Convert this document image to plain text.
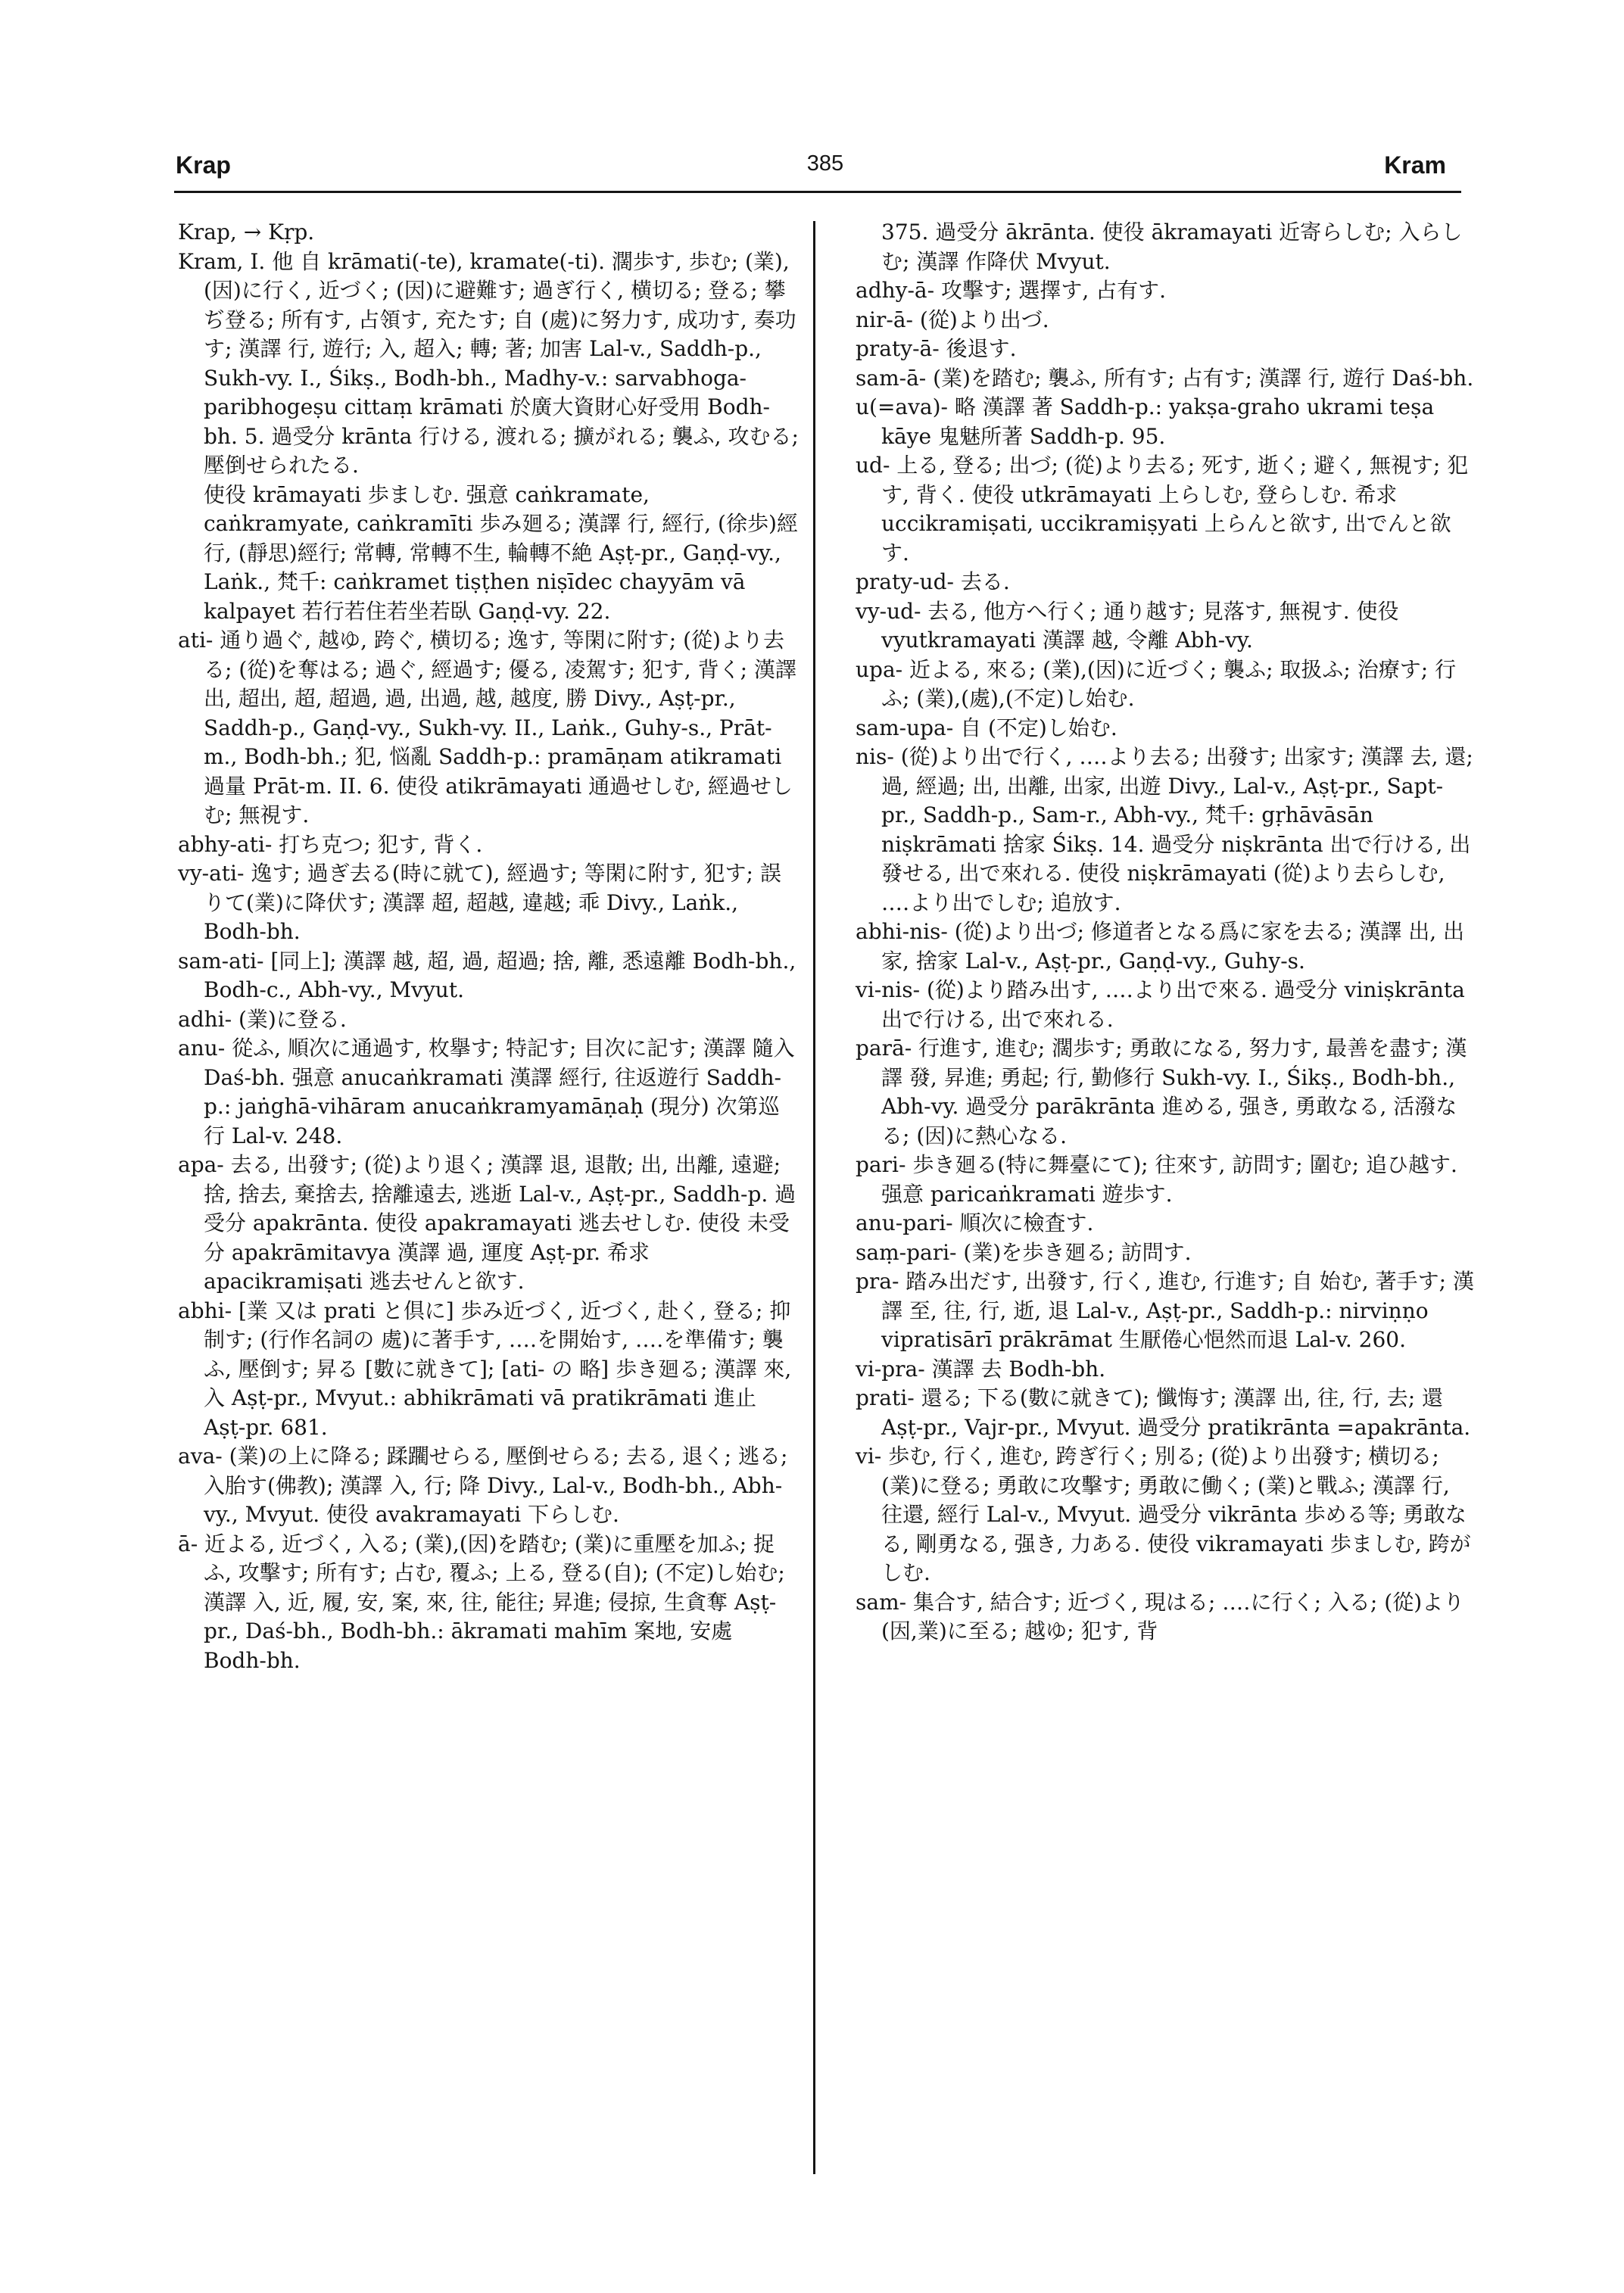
Krap	385	Kram

Krap, → Kṛp.

Kram, I. 他 自 krāmati(-te), kramate(-ti). 濶歩す, 歩む; (業),(因)に行く, 近づく; (因)に避難す; 過ぎ行く, 横切る; 登る; 攀ぢ登る; 所有す, 占領す, 充たす; 自 (處)に努力す, 成功す, 奏功す; 漢譯 行, 遊行; 入, 超入; 轉; 著; 加害 Lal-v., Saddh-p., Sukh-vy. I., Śikṣ., Bodh-bh., Madhy-v.: sarvabhoga-paribhogeṣu cittaṃ krāmati 於廣大資財心好受用 Bodh-bh. 5. 過受分 krānta 行ける, 渡れる; 擴がれる; 襲ふ, 攻むる; 壓倒せられたる.

使役 krāmayati 歩ましむ. 强意 caṅkramate, caṅkramyate, caṅkramīti 歩み廻る; 漢譯 行, 經行, (徐歩)經行, (靜思)經行; 常轉, 常轉不生, 輪轉不絶 Aṣṭ-pr., Gaṇḍ-vy., Laṅk., 梵千: caṅkramet tiṣṭhen niṣīdec chayyām vā kalpayet 若行若住若坐若臥 Gaṇḍ-vy. 22.

ati- 通り過ぐ, 越ゆ, 跨ぐ, 横切る; 逸す, 等閑に附す; (從)より去る; (從)を奪はる; 過ぐ, 經過す; 優る, 凌駕す; 犯す, 背く; 漢譯 出, 超出, 超, 超過, 過, 出過, 越, 越度, 勝 Divy., Aṣṭ-pr., Saddh-p., Gaṇḍ-vy., Sukh-vy. II., Laṅk., Guhy-s., Prāt-m., Bodh-bh.; 犯, 悩亂 Saddh-p.: pramāṇam atikramati 過量 Prāt-m. II. 6. 使役 atikrāmayati 通過せしむ, 經過せしむ; 無視す.

abhy-ati- 打ち克つ; 犯す, 背く.

vy-ati- 逸す; 過ぎ去る(時に就て), 經過す; 等閑に附す, 犯す; 誤りて(業)に降伏す; 漢譯 超, 超越, 違越; 乖 Divy., Laṅk., Bodh-bh.

sam-ati- [同上]; 漢譯 越, 超, 過, 超過; 捨, 離, 悉遠離 Bodh-bh., Bodh-c., Abh-vy., Mvyut.

adhi- (業)に登る.

anu- 從ふ, 順次に通過す, 枚擧す; 特記す; 目次に記す; 漢譯 隨入 Daś-bh. 强意 anucaṅkramati 漢譯 經行, 往返遊行 Saddh-p.: jaṅghā-vihāram anucaṅkramyamāṇaḥ (現分) 次第巡行 Lal-v. 248.

apa- 去る, 出發す; (從)より退く; 漢譯 退, 退散; 出, 出離, 遠避; 捨, 捨去, 棄捨去, 捨離遠去, 逃逝 Lal-v., Aṣṭ-pr., Saddh-p. 過受分 apakrānta. 使役 apakramayati 逃去せしむ. 使役 未受分 apakrāmitavya 漢譯 過, 運度 Aṣṭ-pr. 希求 apacikramiṣati 逃去せんと欲す.

abhi- [業 又は prati と倶に] 歩み近づく, 近づく, 赴く, 登る; 抑制す; (行作名詞の 處)に著手す, ‥‥を開始す, ‥‥を準備す; 襲ふ, 壓倒す; 昇る [數に就きて]; [ati- の 略] 歩き廻る; 漢譯 來, 入 Aṣṭ-pr., Mvyut.: abhikrāmati vā pratikrāmati 進止 Aṣṭ-pr. 681.

ava- (業)の上に降る; 蹂躙せらる, 壓倒せらる; 去る, 退く; 逃る; 入胎す(佛教); 漢譯 入, 行; 降 Divy., Lal-v., Bodh-bh., Abh-vy., Mvyut. 使役 avakramayati 下らしむ.

ā- 近よる, 近づく, 入る; (業),(因)を踏む; (業)に重壓を加ふ; 捉ふ, 攻擊す; 所有す; 占む, 覆ふ; 上る, 登る(自); (不定)し始む; 漢譯 入, 近, 履, 安, 案, 來, 往, 能往; 昇進; 侵掠, 生貪奪 Aṣṭ-pr., Daś-bh., Bodh-bh.: ākramati mahīm 案地, 安處 Bodh-bh.

375. 過受分 ākrānta. 使役 ākramayati 近寄らしむ; 入らしむ; 漢譯 作降伏 Mvyut.

adhy-ā- 攻擊す; 選擇す, 占有す.

nir-ā- (從)より出づ.

praty-ā- 後退す.

sam-ā- (業)を踏む; 襲ふ, 所有す; 占有す; 漢譯 行, 遊行 Daś-bh.

u(=ava)- 略 漢譯 著 Saddh-p.: yakṣa-graho ukrami teṣa kāye 鬼魅所著 Saddh-p. 95.

ud- 上る, 登る; 出づ; (從)より去る; 死す, 逝く; 避く, 無視す; 犯す, 背く. 使役 utkrāmayati 上らしむ, 登らしむ. 希求 uccikramiṣati, uccikramiṣyati 上らんと欲す, 出でんと欲す.

praty-ud- 去る.

vy-ud- 去る, 他方へ行く; 通り越す; 見落す, 無視す. 使役 vyutkramayati 漢譯 越, 令離 Abh-vy.

upa- 近よる, 來る; (業),(因)に近づく; 襲ふ; 取扱ふ; 治療す; 行ふ; (業),(處),(不定)し始む.

sam-upa- 自 (不定)し始む.

nis- (從)より出で行く, ‥‥より去る; 出發す; 出家す; 漢譯 去, 還; 過, 經過; 出, 出離, 出家, 出遊 Divy., Lal-v., Aṣṭ-pr., Sapt-pr., Saddh-p., Sam-r., Abh-vy., 梵千: gṛhāvāsān niṣkrāmati 捨家 Śikṣ. 14. 過受分 niṣkrānta 出で行ける, 出發せる, 出で來れる. 使役 niṣkrāmayati (從)より去らしむ, ‥‥より出でしむ; 追放す.

abhi-nis- (從)より出づ; 修道者となる爲に家を去る; 漢譯 出, 出家, 捨家 Lal-v., Aṣṭ-pr., Gaṇḍ-vy., Guhy-s.

vi-nis- (從)より踏み出す, ‥‥より出で來る. 過受分 viniṣkrānta 出で行ける, 出で來れる.

parā- 行進す, 進む; 濶歩す; 勇敢になる, 努力す, 最善を盡す; 漢譯 發, 昇進; 勇起; 行, 勤修行 Sukh-vy. I., Śikṣ., Bodh-bh., Abh-vy. 過受分 parākrānta 進める, 强き, 勇敢なる, 活潑なる; (因)に熱心なる.

pari- 歩き廻る(特に舞臺にて); 往來す, 訪問す; 圍む; 追ひ越す. 强意 paricaṅkramati 遊歩す.

anu-pari- 順次に檢査す.

saṃ-pari- (業)を歩き廻る; 訪問す.

pra- 踏み出だす, 出發す, 行く, 進む, 行進す; 自 始む, 著手す; 漢譯 至, 往, 行, 逝, 退 Lal-v., Aṣṭ-pr., Saddh-p.: nirviṇṇo vipratisārī prākrāmat 生厭倦心悒然而退 Lal-v. 260.

vi-pra- 漢譯 去 Bodh-bh.

prati- 還る; 下る(數に就きて); 懺悔す; 漢譯 出, 往, 行, 去; 還 Aṣṭ-pr., Vajr-pr., Mvyut. 過受分 pratikrānta =apakrānta.

vi- 歩む, 行く, 進む, 跨ぎ行く; 別る; (從)より出發す; 横切る; (業)に登る; 勇敢に攻擊す; 勇敢に働く; (業)と戰ふ; 漢譯 行, 往還, 經行 Lal-v., Mvyut. 過受分 vikrānta 歩める等; 勇敢なる, 剛勇なる, 强き, 力ある. 使役 vikramayati 歩ましむ, 跨がしむ.

sam- 集合す, 結合す; 近づく, 現はる; ‥‥に行く; 入る; (從)より(因,業)に至る; 越ゆ; 犯す, 背
